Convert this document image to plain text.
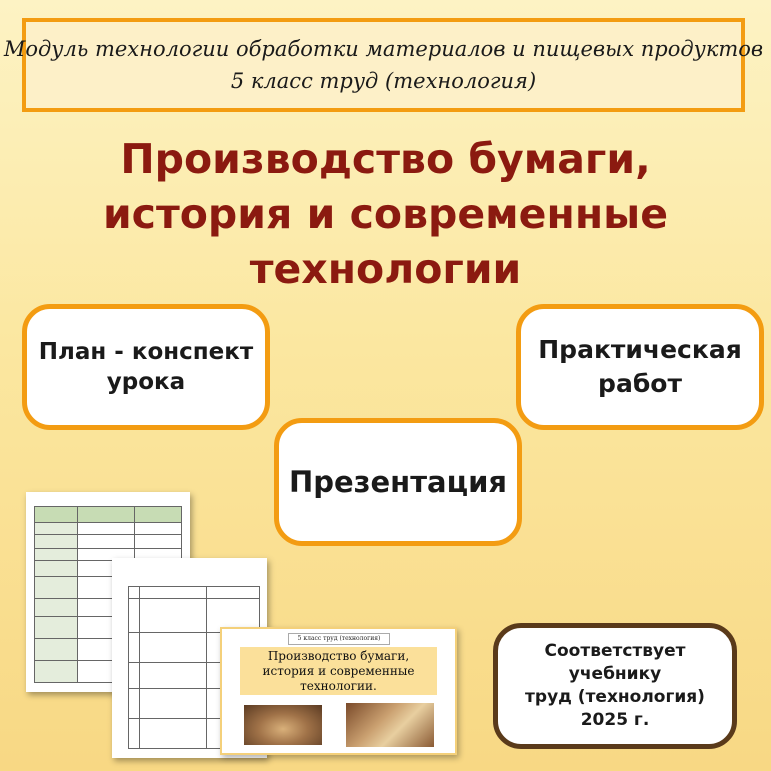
Модуль технологии обработки материалов и пищевых продуктов
5 класс труд (технология)
Производство бумаги,
история и современные
технологии
План - конспект
урока
Практическая
работ
Презентация

5 класс труд (технология)
Производство бумаги,
история и современные
технологии.
Соответствует учебнику
труд (технология)
2025 г.
